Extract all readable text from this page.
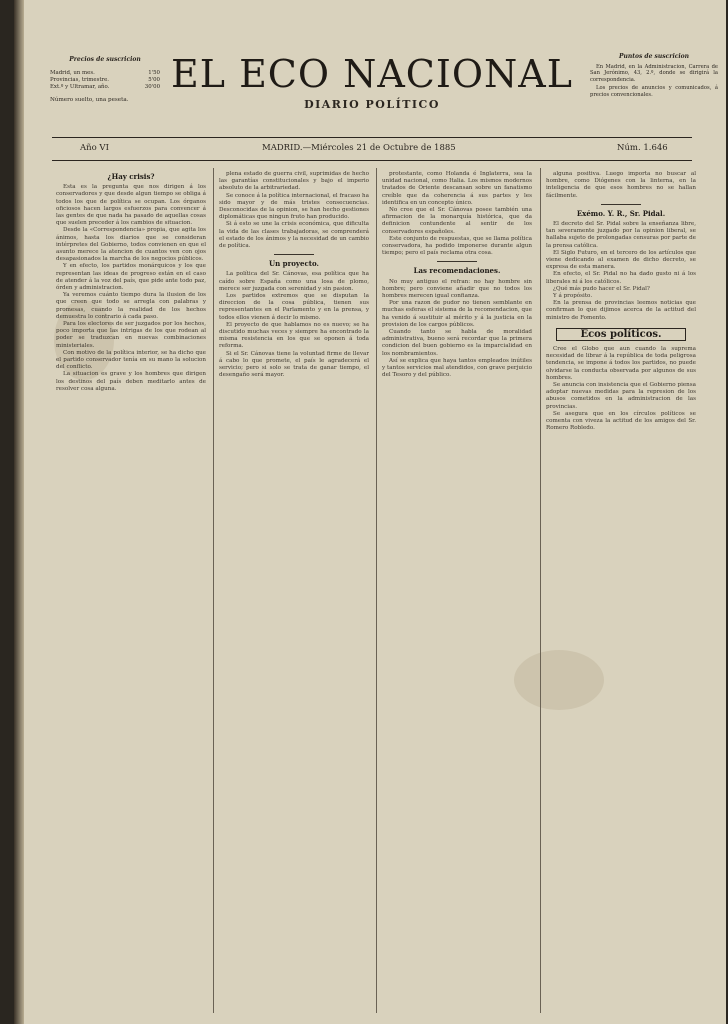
Precios de suscricion
Madrid, un mes.	1'50
Provincias, trimestre.	5'00
Ext.º y Ultramar, año.	30'00
Número suelto, una peseta.
EL ECO NACIONAL
DIARIO POLÍTICO
Puntos de suscricion

En Madrid, en la Administracion, Carrera de San Jerónimo, 43, 2.º, donde se dirigirá la correspondencia.

Los precios de anuncios y comunicados, á precios convencionales.

Año VI	MADRID.—Miércoles 21 de Octubre de 1885	Núm. 1.646
¿Hay crisis?

Esta es la pregunta que nos dirigen á los conservadores y que desde algun tiempo se obliga á todos los que de política se ocupan. Los órganos oficiosos hacen largos esfuerzos para convencer á las gentes de que nada ha pasado de aquellas cosas que suelen preceder á los cambios de situacion.

Desde la «Correspondencia» propia, que agita los ánimos, hasta los diarios que se consideran intérpretes del Gobierno, todos convienen en que el asunto merece la atencion de cuantos ven con ojos desapasionados la marcha de los negocios públicos.

Y en efecto, los partidos monárquicos y los que representan las ideas de progreso están en el caso de atender á la voz del país, que pide ante todo paz, órden y administracion.

Ya veremos cuánto tiempo dura la ilusion de los que creen que todo se arregla con palabras y promesas, cuando la realidad de los hechos demuestra lo contrario á cada paso.

Para los electores de ser juzgados por los hechos, poco importa que las intrigas de los que rodean al poder se traduzcan en nuevas combinaciones ministeriales.

Con motivo de la política interior, se ha dicho que el partido conservador tenía en su mano la solucion del conflicto.

La situacion es grave y los hombres que dirigen los destinos del país deben meditarlo antes de resolver cosa alguna.

plena estado de guerra civil, suprimidas de hecho las garantías constitucionales y bajo el imperio absoluto de la arbitrariedad.

Se conoce á la política internacional, el fracaso ha sido mayor y de más tristes consecuencias. Desconocidas de la opinion, se han hecho gestiones diplomáticas que ningun fruto han producido.

Si á esto se une la crisis económica, que dificulta la vida de las clases trabajadoras, se comprenderá el estado de los ánimos y la necesidad de un cambio de política.

Un proyecto.

La política del Sr. Cánovas, esa política que ha caído sobre España como una losa de plomo, merece ser juzgada con serenidad y sin pasion.

Los partidos extremos que se disputan la direccion de la cosa pública, tienen sus representantes en el Parlamento y en la prensa, y todos ellos vienen á decir lo mismo.

El proyecto de que hablamos no es nuevo; se ha discutido muchas veces y siempre ha encontrado la misma resistencia en los que se oponen á toda reforma.

Si el Sr. Cánovas tiene la voluntad firme de llevar á cabo lo que promete, el país le agradecerá el servicio; pero si solo se trata de ganar tiempo, el desengaño será mayor.

protestante, como Holanda é Inglaterra, sea la unidad nacional, como Italia. Los mismos modernos tratados de Oriente descansan sobre un fanatismo creíble que da coherencia á sus partes y les identifica en un concepto único.

No cree que el Sr. Cánovas posee también una afirmacion de la monarquía histórica, que da definicion contundente al sentir de los conservadores españoles.

Este conjunto de respuestas, que se llama política conservadora, ha podido imponerse durante algun tiempo; pero el país reclama otra cosa.

Las recomendaciones.

No muy antiguo el refran: no hay hombre sin hombre; pero conviene añadir que no todos los hombres merecen igual confianza.

Por una razon de pudor no tienen semblante en muchas esferas el sistema de la recomendacion, que ha venido á sustituir al mérito y á la justicia en la provision de los cargos públicos.

Cuando tanto se habla de moralidad administrativa, bueno será recordar que la primera condicion del buen gobierno es la imparcialidad en los nombramientos.

Así se explica que haya tantos empleados inútiles y tantos servicios mal atendidos, con grave perjuicio del Tesoro y del público.

alguna positiva. Luego importa no buscar al hombre, como Diógenes con la linterna, en la inteligencia de que esos hombres no se hallan fácilmente.

Exémo. Y. R., Sr. Pidal.

El decreto del Sr. Pidal sobre la enseñanza libre, tan severamente juzgado por la opinion liberal, se hallaba sujeto de prolongadas censuras por parte de la prensa católica.

El Siglo Futuro, en el tercero de los artículos que viene dedicando al examen de dicho decreto, se expresa de esta manera.

En efecto, el Sr. Pidal no ha dado gusto ni á los liberales ni á los católicos.

¿Qué más pudo hacer el Sr. Pidal?

Y á propósito.

En la prensa de provincias leemos noticias que confirman lo que dijimos acerca de la actitud del ministro de Fomento.

Ecos políticos.

Cree el Globo que aun cuando la suprema necesidad de librar á la república de toda peligrosa tendencia, se impone á todos los partidos, no puede olvidarse la conducta observada por algunos de sus hombres.

Se anuncia con insistencia que el Gobierno piensa adoptar nuevas medidas para la represion de los abusos cometidos en la administracion de las provincias.

Se asegura que en los círculos políticos se comenta con viveza la actitud de los amigos del Sr. Romero Robledo.
